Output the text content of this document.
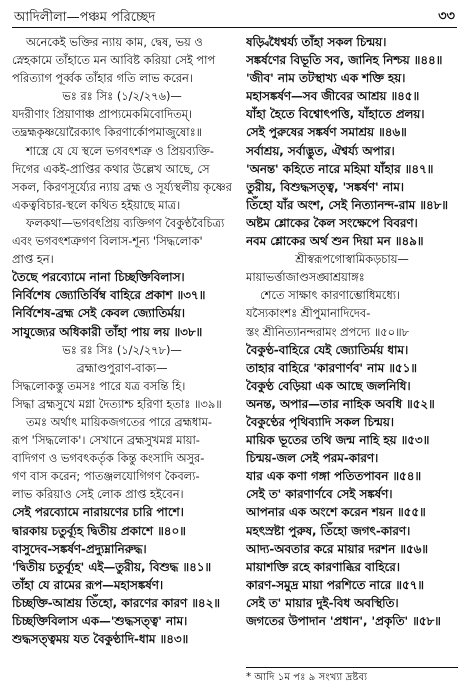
আদিলীলা—পঞ্চম পরিচ্ছেদ	৩৩
অনেকেই ভক্তির ন্যায় কাম, দ্বেষ, ভয় ও
স্নেহকামে তাঁহাতে মন আবিষ্ট করিয়া সেই পাপ
পরিত্যাগ পূর্ব্বক তাঁহার গতি লাভ করেন।
ভঃ রঃ সিঃ (১/২/২৭৬)—
যদরীণাং প্রিয়াণাঞ্চ প্রাপ্যমেকমিবোদিতম্।
তদ্ব্রহ্মকৃষ্ণয়োরৈক্যাৎ কিরণার্কোপমাজুষোঃ॥
শাস্ত্রে যে যে স্থলে ভগবৎশত্রু ও প্রিয়ব্যক্তি-
দিগের একই-প্রাপ্তির কথার উল্লেখ আছে, সে
সকল, কিরণসূর্য্যের ন্যায় ব্রহ্ম ও সূর্য্যস্থলীয় কৃষ্ণের
একত্ববিচার-স্থলে কথিত হইয়াছে মাত্র।
ফলকথা—ভগবৎপ্রিয় ব্যক্তিগণ বৈকুণ্ঠবৈচিত্র্য
এবং ভগবৎশত্রুগণ বিলাস-শূন্য 'সিদ্ধলোক'
প্রাপ্ত হন।
তৈছে পরব্যোমে নানা চিচ্ছক্তিবিলাস।
নির্বিশেষ জ্যোতির্বিম্ব বাহিরে প্রকাশ ॥৩৭॥
নির্বিশেষ-ব্রহ্ম সেই কেবল জ্যোতির্ময়।
সাযুজ্যের অধিকারী তাঁহা পায় লয় ॥৩৮॥
ভঃ রঃ সিঃ (১/২/২৭৮)—
ব্রহ্মাণ্ডপুরাণ-বাক্য—
সিদ্ধলোকস্তু তমসঃ পারে যত্র বসন্তি হি।
সিদ্ধা ব্রহ্মসুখে মগ্না দৈত্যাশ্চ হরিণা হতাঃ ॥৩৯॥
তমঃ অর্থাৎ মায়িকজগতের পারে ব্রহ্মধাম-
রূপ 'সিদ্ধলোক'। সেখানে ব্রহ্মসুখমগ্ন মায়া-
বাদিগণ ও ভগবৎকর্তৃক কিন্তু কংসাদি অসুর-
গণ বাস করেন; পাতঞ্জলযোগিগণ কৈবল্য-
লাভ করিয়াও সেই লোক প্রাপ্ত হইবেন।
সেই পরব্যোমে নারায়ণের চারি পাশে।
দ্বারকায় চতুর্ব্যূহ দ্বিতীয় প্রকাশে ॥৪০॥
বাসুদেব-সঙ্কর্ষণ-প্রদ্যুম্নানিরুদ্ধ।
'দ্বিতীয় চতুর্ব্যূহ' এই—তুরীয়, বিশুদ্ধ ॥৪১॥
তাঁহা যে রামের রূপ—মহাসঙ্কর্ষণ।
চিচ্ছক্তি-আশ্রয় তিঁহো, কারণের কারণ ॥৪২॥
চিচ্ছক্তিবিলাস এক—'শুদ্ধসত্ত্ব' নাম।
শুদ্ধসত্ত্বময় যত বৈকুণ্ঠাদি-ধাম ॥৪৩॥
ষড়্বিধৈশ্বর্য্য তাঁহা সকল চিন্ময়।
সঙ্কর্ষণের বিভূতি সব, জানিহ নিশ্চয় ॥৪৪॥
'জীব' নাম তটস্থাখ্য এক শক্তি হয়।
মহাসঙ্কর্ষণ—সব জীবের আশ্রয় ॥৪৫॥
যাঁহা হৈতে বিশ্বোৎপত্তি, যাঁহাতে প্রলয়।
সেই পুরুষের সঙ্কর্ষণ সমাশ্রয় ॥৪৬॥
সর্বাশ্রয়, সর্বাদ্ভুত, ঐশ্বর্য্য অপার।
'অনন্ত' কহিতে নারে মহিমা যাঁহার ॥৪৭॥
তুরীয়, বিশুদ্ধসত্ত্ব, 'সঙ্কর্ষণ' নাম।
তিঁহো যাঁর অংশ, সেই নিত্যানন্দ-রাম ॥৪৮॥
অষ্টম শ্লোকের কৈল সংক্ষেপে বিবরণ।
নবম শ্লোকের অর্থ শুন দিয়া মন ॥৪৯॥
শ্রীস্বরূপগোস্বামিকড়চায়—
মায়াভর্ত্তাজাণ্ডসঙ্ঘাশ্রয়াঙ্গঃ
শেতে সাক্ষাৎ কারণাম্ভোধিমধ্যে।
যস্যৈকাংশঃ শ্রীপুমানাদিদেব-
স্তং শ্রীনিত্যানন্দরামং প্রপদ্যে ॥৫০॥৮
বৈকুণ্ঠ-বাহিরে যেই জ্যোতির্ময় ধাম।
তাহার বাহিরে 'কারণার্ণব' নাম ॥৫১॥
বৈকুণ্ঠ বেড়িয়া এক আছে জলনিধি।
অনন্ত, অপার—তার নাহিক অবধি ॥৫২॥
বৈকুণ্ঠের পৃথিব্যাদি সকল চিন্ময়।
মায়িক ভূতের তথি জন্ম নাহি হয় ॥৫৩॥
চিন্ময়-জল সেই পরম-কারণ।
যার এক কণা গঙ্গা পতিতপাবন ॥৫৪॥
সেই ত' কারণার্ণবে সেই সঙ্কর্ষণ।
আপনার এক অংশে করেন শয়ন ॥৫৫॥
মহৎস্রষ্টা পুরুষ, তিঁহো জগৎ-কারণ।
আদ্য-অবতার করে মায়ার দরশন ॥৫৬॥
মায়াশক্তি রহে কারণাব্ধির বাহিরে।
কারণ-সমুদ্র মায়া পরশিতে নারে ॥৫৭॥
সেই ত' মায়ার দুই-বিধ অবস্থিতি।
জগতের উপাদান 'প্রধান', 'প্রকৃতি' ॥৫৮॥
* আদি ১ম পঃ ৯ সংখ্যা দ্রষ্টব্য
